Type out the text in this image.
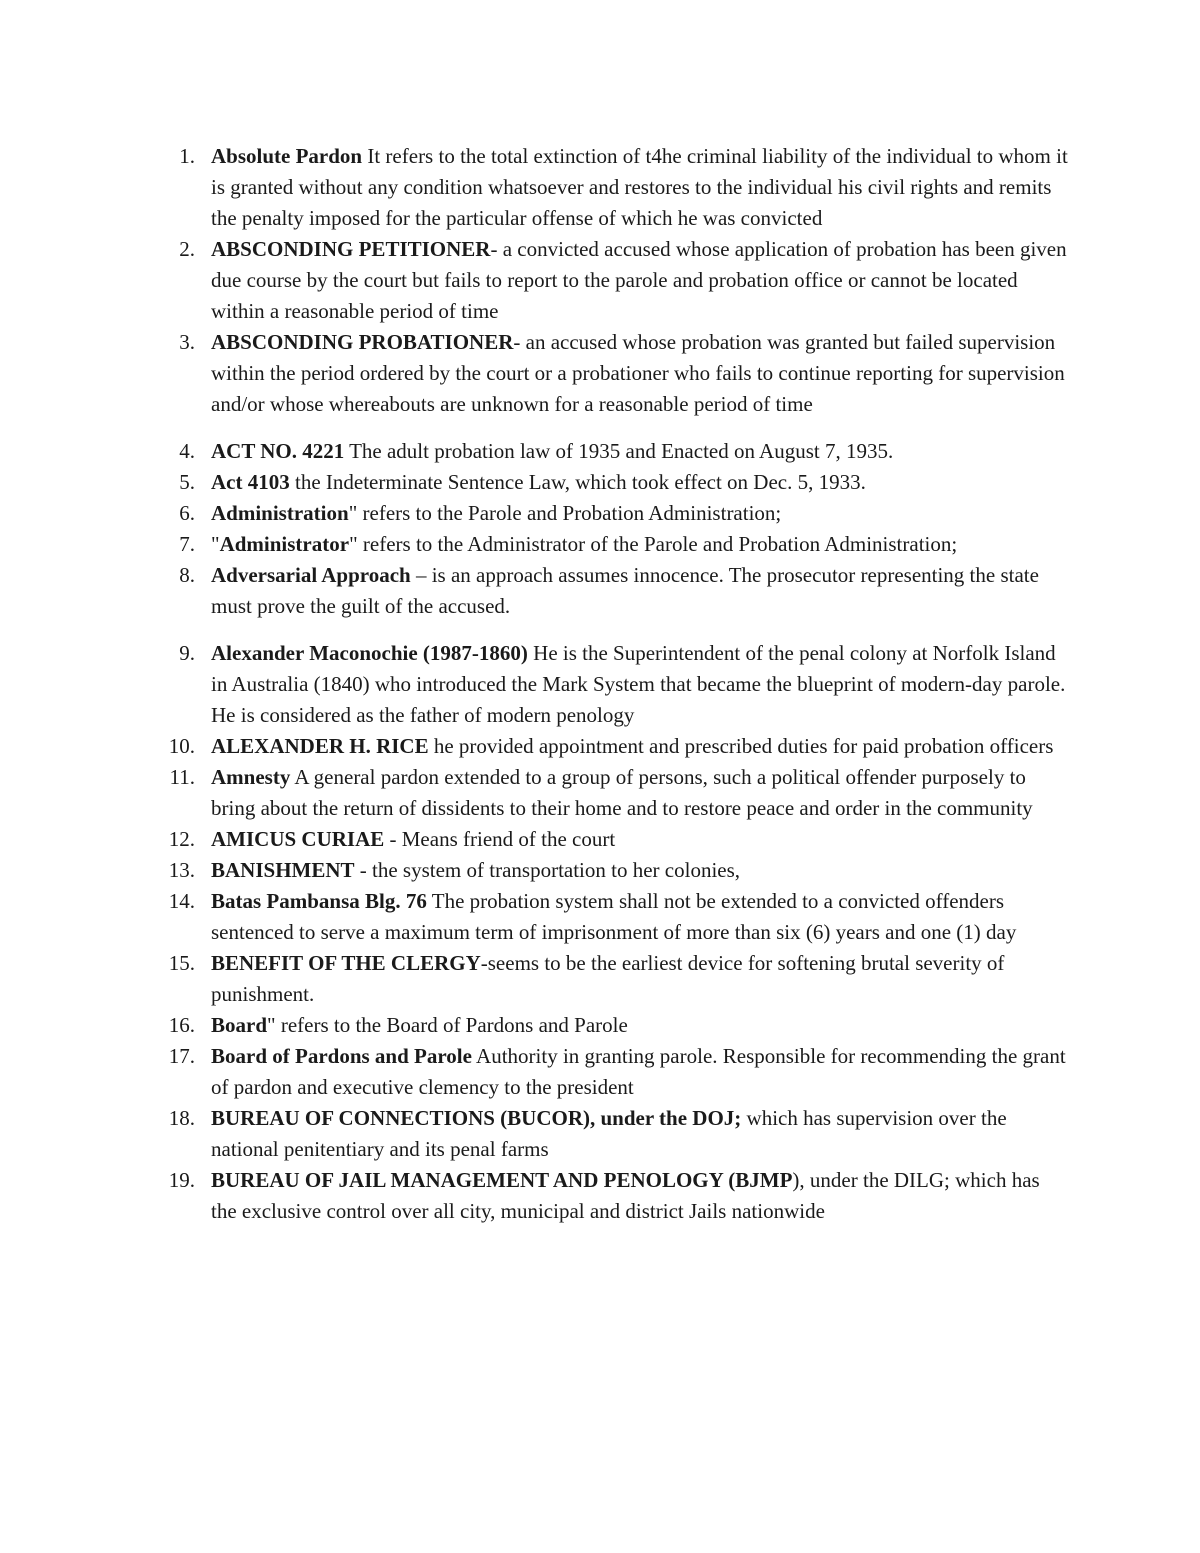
1. Absolute Pardon It refers to the total extinction of t4he criminal liability of the individual to whom it is granted without any condition whatsoever and restores to the individual his civil rights and remits the penalty imposed for the particular offense of which he was convicted
2. ABSCONDING PETITIONER- a convicted accused whose application of probation has been given due course by the court but fails to report to the parole and probation office or cannot be located within a reasonable period of time
3. ABSCONDING PROBATIONER- an accused whose probation was granted but failed supervision within the period ordered by the court or a probationer who fails to continue reporting for supervision and/or whose whereabouts are unknown for a reasonable period of time
4. ACT NO. 4221 The adult probation law of 1935 and Enacted on August 7, 1935.
5. Act 4103 the Indeterminate Sentence Law, which took effect on Dec. 5, 1933.
6. Administration" refers to the Parole and Probation Administration;
7. "Administrator" refers to the Administrator of the Parole and Probation Administration;
8. Adversarial Approach – is an approach assumes innocence. The prosecutor representing the state must prove the guilt of the accused.
9. Alexander Maconochie (1987-1860) He is the Superintendent of the penal colony at Norfolk Island in Australia (1840) who introduced the Mark System that became the blueprint of modern-day parole. He is considered as the father of modern penology
10. ALEXANDER H. RICE he provided appointment and prescribed duties for paid probation officers
11. Amnesty A general pardon extended to a group of persons, such a political offender purposely to bring about the return of dissidents to their home and to restore peace and order in the community
12. AMICUS CURIAE - Means friend of the court
13. BANISHMENT - the system of transportation to her colonies,
14. Batas Pambansa Blg. 76 The probation system shall not be extended to a convicted offenders sentenced to serve a maximum term of imprisonment of more than six (6) years and one (1) day
15. BENEFIT OF THE CLERGY-seems to be the earliest device for softening brutal severity of punishment.
16. Board" refers to the Board of Pardons and Parole
17. Board of Pardons and Parole Authority in granting parole. Responsible for recommending the grant of pardon and executive clemency to the president
18. BUREAU OF CONNECTIONS (BUCOR), under the DOJ; which has supervision over the national penitentiary and its penal farms
19. BUREAU OF JAIL MANAGEMENT AND PENOLOGY (BJMP), under the DILG; which has the exclusive control over all city, municipal and district Jails nationwide
